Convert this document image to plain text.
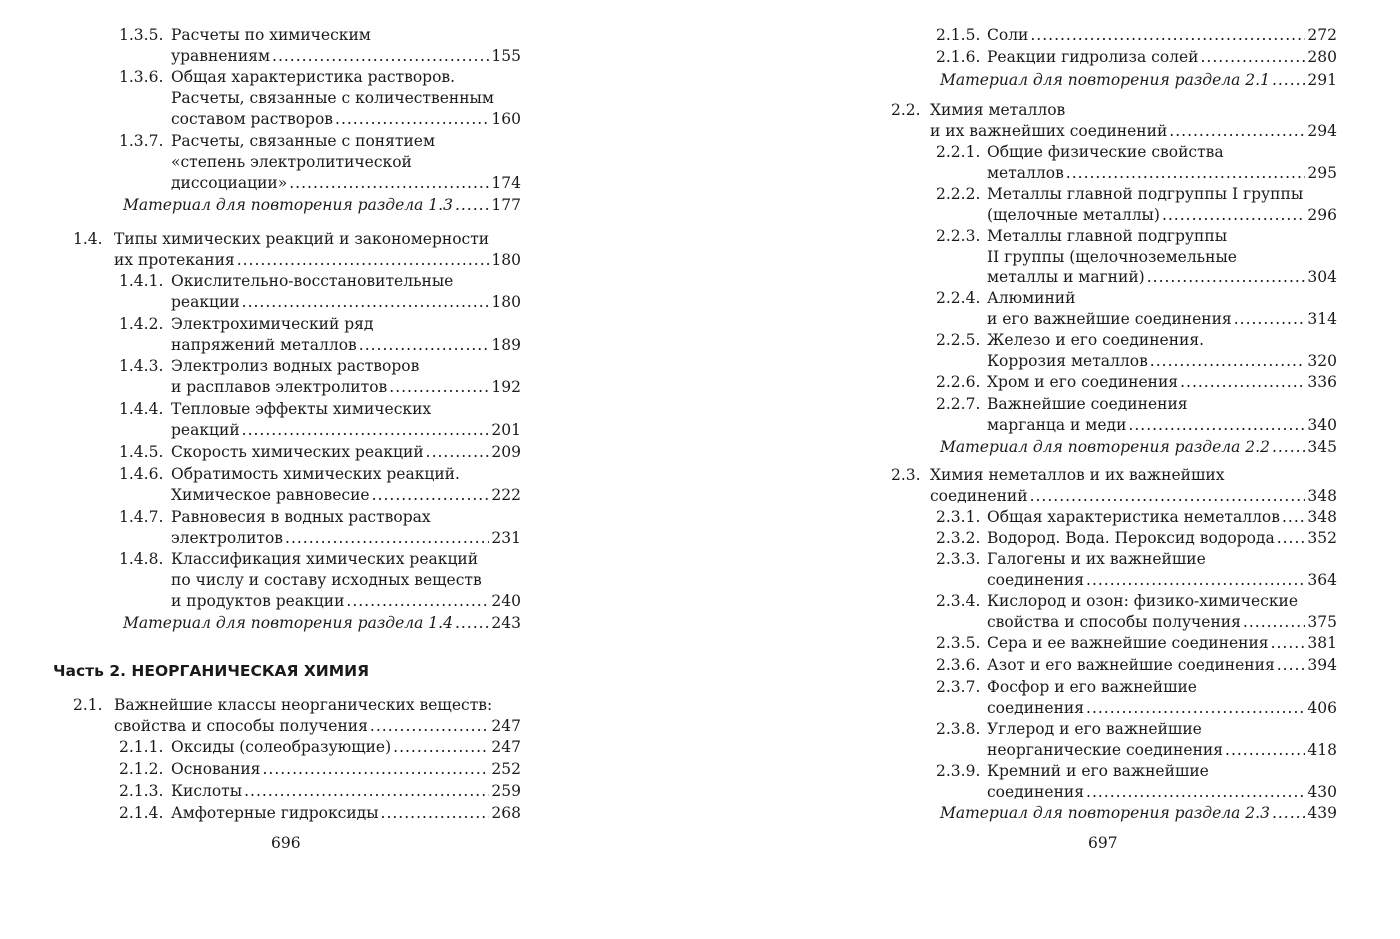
1.3.5. Расчеты по химическим
уравнениям .....	155
1.3.6. Общая характеристика растворов.
Расчеты, связанные с количественным
составом растворов .....	160
1.3.7. Расчеты, связанные с понятием
«степень электролитической
диссоциации» .....	174
Материал для повторения раздела 1.3 ..... 177
1.4. Типы химических реакций и закономерности
их протекания .....	180
1.4.1. Окислительно-восстановительные
реакции .....	180
1.4.2. Электрохимический ряд
напряжений металлов .....	189
1.4.3. Электролиз водных растворов
и расплавов электролитов .....	192
1.4.4. Тепловые эффекты химических
реакций .....	201
1.4.5. Скорость химических реакций .....	209
1.4.6. Обратимость химических реакций.
Химическое равновесие .....	222
1.4.7. Равновесия в водных растворах
электролитов .....	231
1.4.8. Классификация химических реакций
по числу и составу исходных веществ
и продуктов реакции .....	240
Материал для повторения раздела 1.4 ..... 243
Часть 2. НЕОРГАНИЧЕСКАЯ ХИМИЯ
2.1. Важнейшие классы неорганических веществ:
свойства и способы получения .....	247
2.1.1. Оксиды (солеобразующие) .....	247
2.1.2. Основания .....	252
2.1.3. Кислоты .....	259
2.1.4. Амфотерные гидроксиды .....	268
696
2.1.5. Соли .....	272
2.1.6. Реакции гидролиза солей .....	280
Материал для повторения раздела 2.1 ..... 291
2.2. Химия металлов
и их важнейших соединений .....	294
2.2.1. Общие физические свойства
металлов .....	295
2.2.2. Металлы главной подгруппы I группы
(щелочные металлы) .....	296
2.2.3. Металлы главной подгруппы
II группы (щелочноземельные
металлы и магний) .....	304
2.2.4. Алюминий
и его важнейшие соединения .....	314
2.2.5. Железо и его соединения.
Коррозия металлов .....	320
2.2.6. Хром и его соединения .....	336
2.2.7. Важнейшие соединения
марганца и меди .....	340
Материал для повторения раздела 2.2 ..... 345
2.3. Химия неметаллов и их важнейших
соединений .....	348
2.3.1. Общая характеристика неметаллов ..... 348
2.3.2. Водород. Вода. Пероксид водорода ..... 352
2.3.3. Галогены и их важнейшие
соединения .....	364
2.3.4. Кислород и озон: физико-химические
свойства и способы получения .....	375
2.3.5. Сера и ее важнейшие соединения .....	381
2.3.6. Азот и его важнейшие соединения ..... 394
2.3.7. Фосфор и его важнейшие
соединения .....	406
2.3.8. Углерод и его важнейшие
неорганические соединения .....	418
2.3.9. Кремний и его важнейшие
соединения .....	430
Материал для повторения раздела 2.3 ..... 439
697
